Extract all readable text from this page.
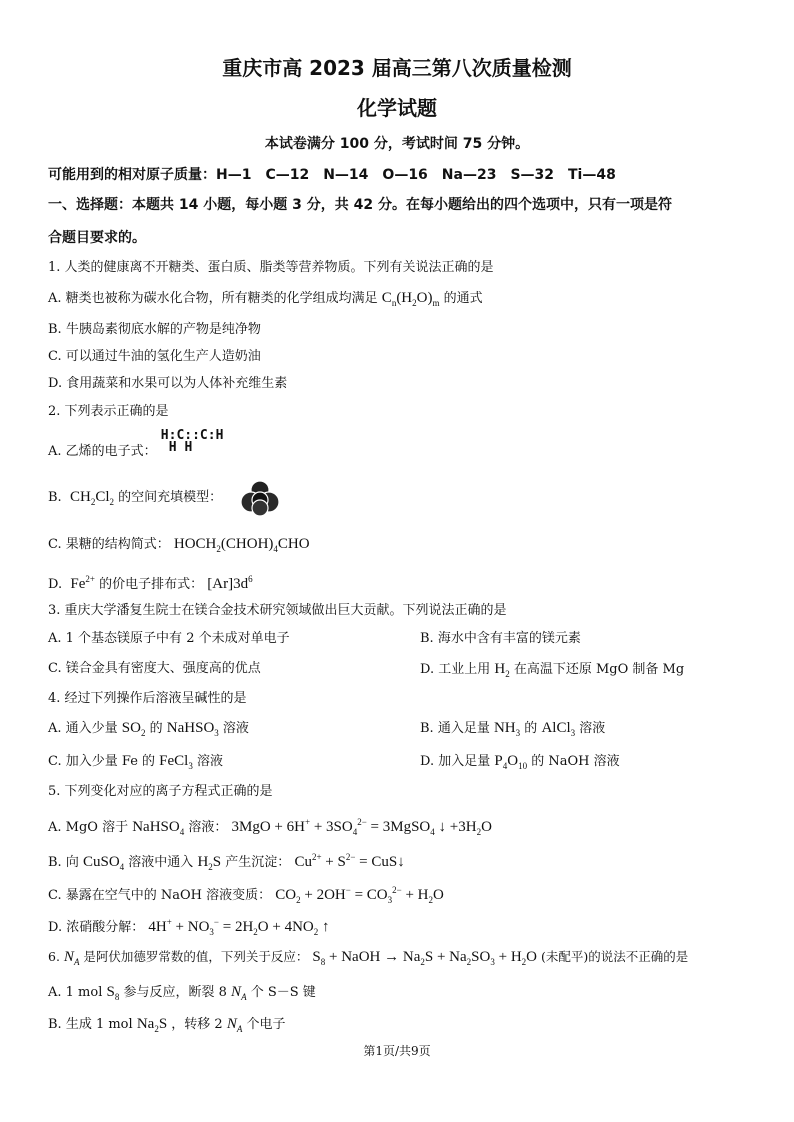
重庆市高 2023 届高三第八次质量检测
化学试题
本试卷满分 100 分，考试时间 75 分钟。
可能用到的相对原子质量：H—1　C—12　N—14　O—16　Na—23　S—32　Ti—48
一、选择题：本题共 14 小题，每小题 3 分，共 42 分。在每小题给出的四个选项中，只有一项是符
合题目要求的。
1. 人类的健康离不开糖类、蛋白质、脂类等营养物质。下列有关说法正确的是
A. 糖类也被称为碳水化合物，所有糖类的化学组成均满足 $C_n(H_2O)_m$ 的通式
B. 牛胰岛素彻底水解的产物是纯净物
C. 可以通过牛油的氢化生产人造奶油
D. 食用蔬菜和水果可以为人体补充维生素
2. 下列表示正确的是
A. 乙烯的电子式：
H:C::C:H
H H
B.  $CH_2Cl_2$ 的空间充填模型：
C. 果糖的结构简式： $HOCH_2(CHOH)_4CHO$
D.  $Fe^{2+}$ 的价电子排布式： $[Ar]3d^6$
3. 重庆大学潘复生院士在镁合金技术研究领域做出巨大贡献。下列说法正确的是
A. 1 个基态镁原子中有 2 个未成对单电子	B. 海水中含有丰富的镁元素
C. 镁合金具有密度大、强度高的优点	D. 工业上用 $H_2$ 在高温下还原 MgO 制备 Mg
4. 经过下列操作后溶液呈碱性的是
A. 通入少量 $SO_2$ 的 NaHSO$_3$ 溶液	B. 通入足量 $NH_3$ 的 AlCl$_3$ 溶液
C. 加入少量 Fe 的 FeCl$_3$ 溶液	D. 加入足量 $P_4O_{10}$ 的 NaOH 溶液
5. 下列变化对应的离子方程式正确的是
A. MgO 溶于 NaHSO$_4$ 溶液： $3MgO + 6H^+ + 3SO_4^{2-}$ = 3MgSO$_4$ ↓ $+3H_2O$
B. 向 CuSO$_4$ 溶液中通入 $H_2S$ 产生沉淀： $Cu^{2+} + S^{2-}$ = CuS↓
C. 暴露在空气中的 NaOH 溶液变质： $CO_2 + 2OH^- = CO_3^{2-} + H_2O$
D. 浓硝酸分解： $4H^+ + NO_3^- = 2H_2O + 4NO_2$ ↑
6. $N_A$ 是阿伏加德罗常数的值，下列关于反应： $S_8$ + NaOH → $Na_2S + Na_2SO_3 + H_2O$ (未配平)的说法不正确的是
A. 1 mol $S_8$ 参与反应，断裂 8 $N_A$ 个 S－S 键
B. 生成 1 mol $Na_2S$ ，转移 2 $N_A$ 个电子
第1页/共9页
